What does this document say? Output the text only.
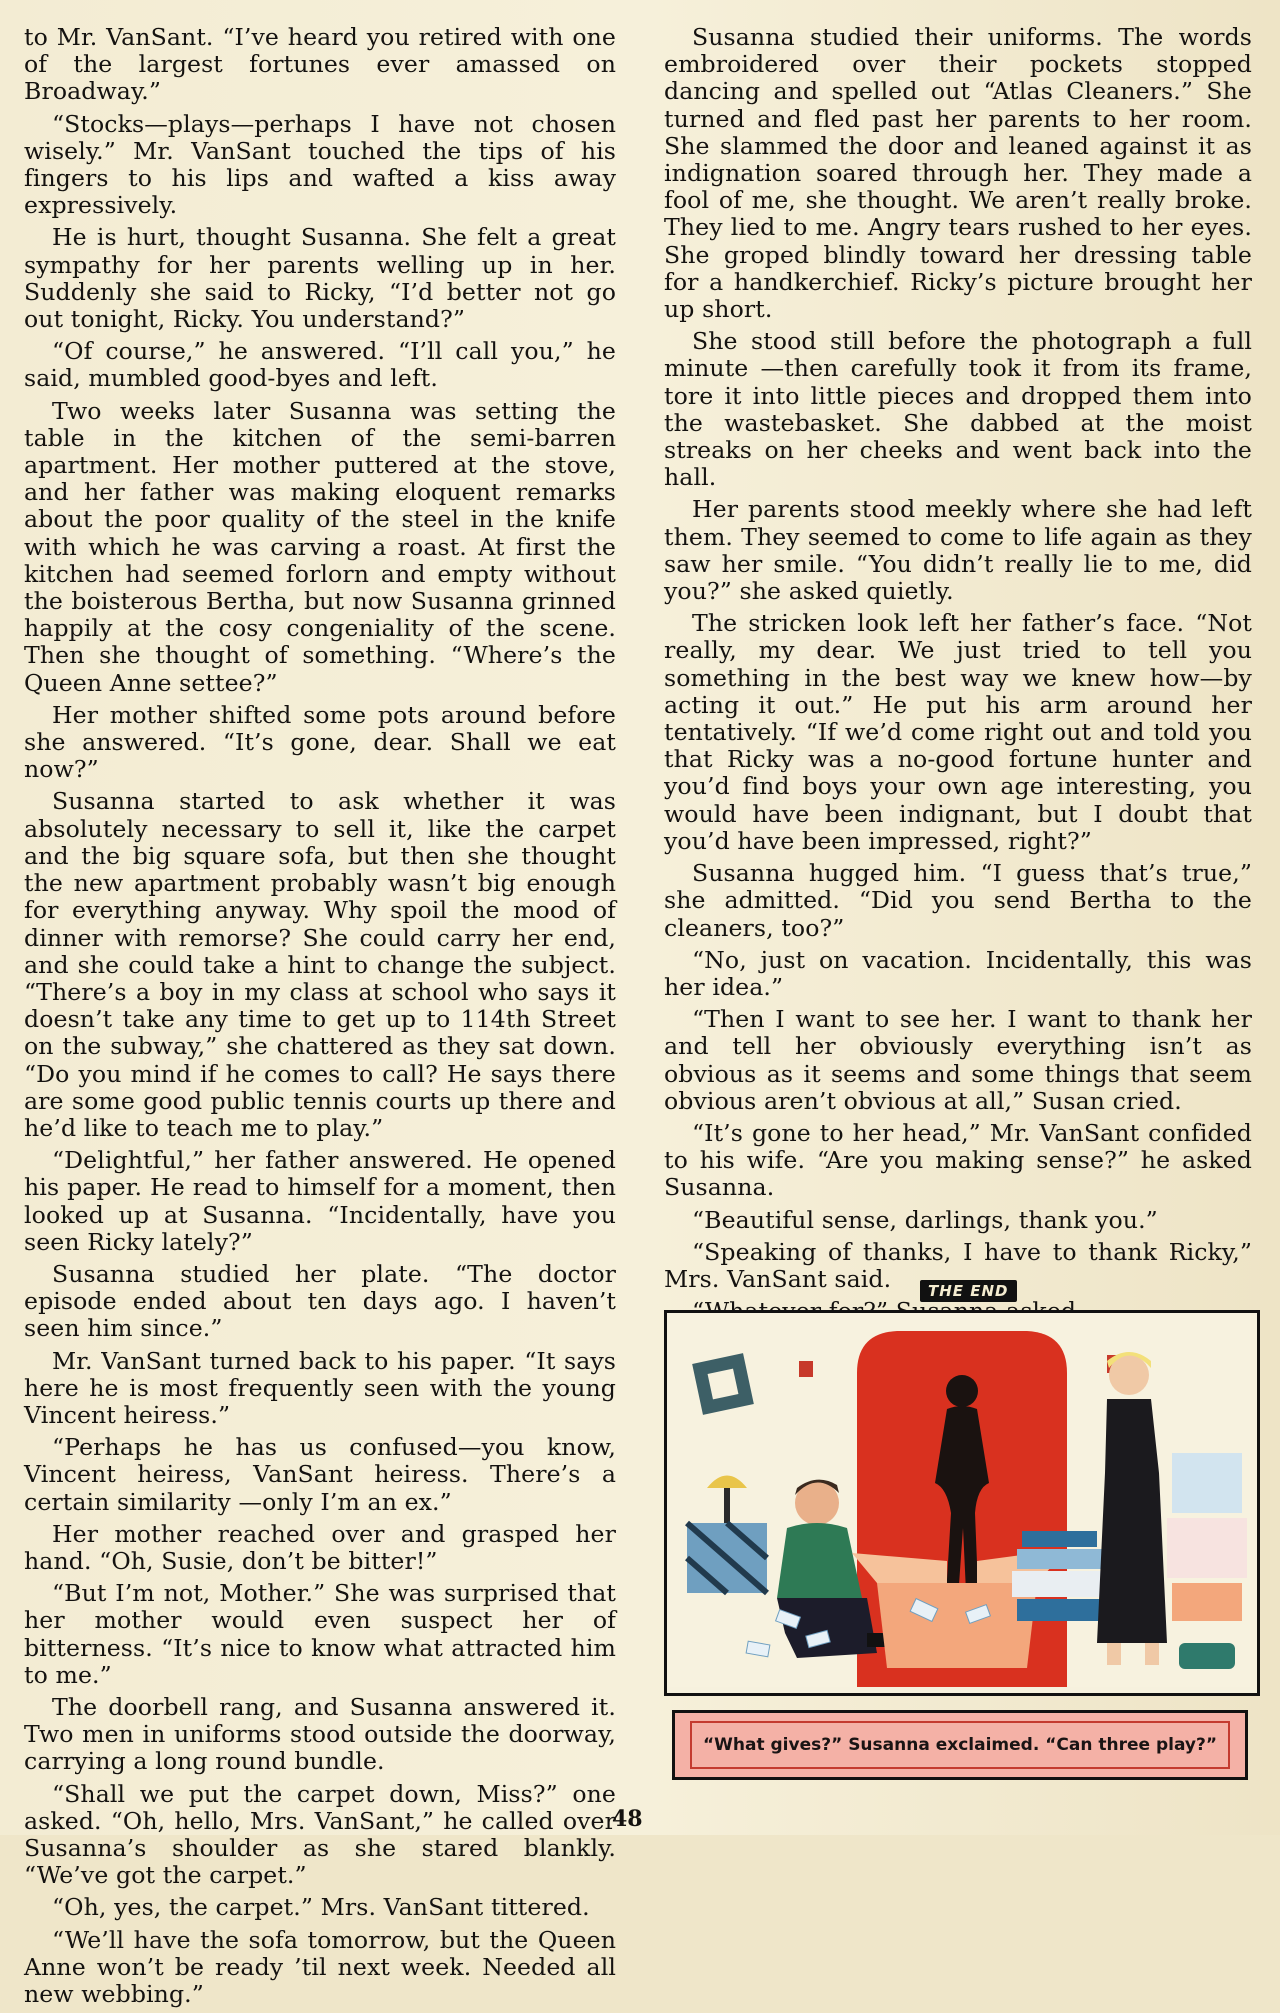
to Mr. VanSant. “I’ve heard you retired with one of the largest fortunes ever amassed on Broadway.”

“Stocks—plays—perhaps I have not chosen wisely.” Mr. VanSant touched the tips of his fingers to his lips and wafted a kiss away expressively.

He is hurt, thought Susanna. She felt a great sympathy for her parents welling up in her. Suddenly she said to Ricky, “I’d better not go out tonight, Ricky. You understand?”

“Of course,” he answered. “I’ll call you,” he said, mumbled good-byes and left.

Two weeks later Susanna was setting the table in the kitchen of the semi-barren apartment. Her mother puttered at the stove, and her father was making eloquent remarks about the poor quality of the steel in the knife with which he was carving a roast. At first the kitchen had seemed forlorn and empty without the boisterous Bertha, but now Susanna grinned happily at the cosy congeniality of the scene. Then she thought of something. “Where’s the Queen Anne settee?”

Her mother shifted some pots around before she answered. “It’s gone, dear. Shall we eat now?”

Susanna started to ask whether it was absolutely necessary to sell it, like the carpet and the big square sofa, but then she thought the new apartment probably wasn’t big enough for everything anyway. Why spoil the mood of dinner with remorse? She could carry her end, and she could take a hint to change the subject. “There’s a boy in my class at school who says it doesn’t take any time to get up to 114th Street on the subway,” she chattered as they sat down. “Do you mind if he comes to call? He says there are some good public tennis courts up there and he’d like to teach me to play.”

“Delightful,” her father answered. He opened his paper. He read to himself for a moment, then looked up at Susanna. “Incidentally, have you seen Ricky lately?”

Susanna studied her plate. “The doctor episode ended about ten days ago. I haven’t seen him since.”

Mr. VanSant turned back to his paper. “It says here he is most frequently seen with the young Vincent heiress.”

“Perhaps he has us confused—you know, Vincent heiress, VanSant heiress. There’s a certain similarity —only I’m an ex.”

Her mother reached over and grasped her hand. “Oh, Susie, don’t be bitter!”

“But I’m not, Mother.” She was surprised that her mother would even suspect her of bitterness. “It’s nice to know what attracted him to me.”

The doorbell rang, and Susanna answered it. Two men in uniforms stood outside the doorway, carrying a long round bundle.

“Shall we put the carpet down, Miss?” one asked. “Oh, hello, Mrs. VanSant,” he called over Susanna’s shoulder as she stared blankly. “We’ve got the carpet.”

“Oh, yes, the carpet.” Mrs. VanSant tittered.

“We’ll have the sofa tomorrow, but the Queen Anne won’t be ready ’til next week. Needed all new webbing.”

Susanna studied their uniforms. The words embroidered over their pockets stopped dancing and spelled out “Atlas Cleaners.” She turned and fled past her parents to her room. She slammed the door and leaned against it as indignation soared through her. They made a fool of me, she thought. We aren’t really broke. They lied to me. Angry tears rushed to her eyes. She groped blindly toward her dressing table for a handkerchief. Ricky’s picture brought her up short.

She stood still before the photograph a full minute —then carefully took it from its frame, tore it into little pieces and dropped them into the wastebasket. She dabbed at the moist streaks on her cheeks and went back into the hall.

Her parents stood meekly where she had left them. They seemed to come to life again as they saw her smile. “You didn’t really lie to me, did you?” she asked quietly.

The stricken look left her father’s face. “Not really, my dear. We just tried to tell you something in the best way we knew how—by acting it out.” He put his arm around her tentatively. “If we’d come right out and told you that Ricky was a no-good fortune hunter and you’d find boys your own age interesting, you would have been indignant, but I doubt that you’d have been impressed, right?”

Susanna hugged him. “I guess that’s true,” she admitted. “Did you send Bertha to the cleaners, too?”

“No, just on vacation. Incidentally, this was her idea.”

“Then I want to see her. I want to thank her and tell her obviously everything isn’t as obvious as it seems and some things that seem obvious aren’t obvious at all,” Susan cried.

“It’s gone to her head,” Mr. VanSant confided to his wife. “Are you making sense?” he asked Susanna.

“Beautiful sense, darlings, thank you.”

“Speaking of thanks, I have to thank Ricky,” Mrs. VanSant said.	THE END
“What gives?” Susanna exclaimed. “Can three play?”
48
